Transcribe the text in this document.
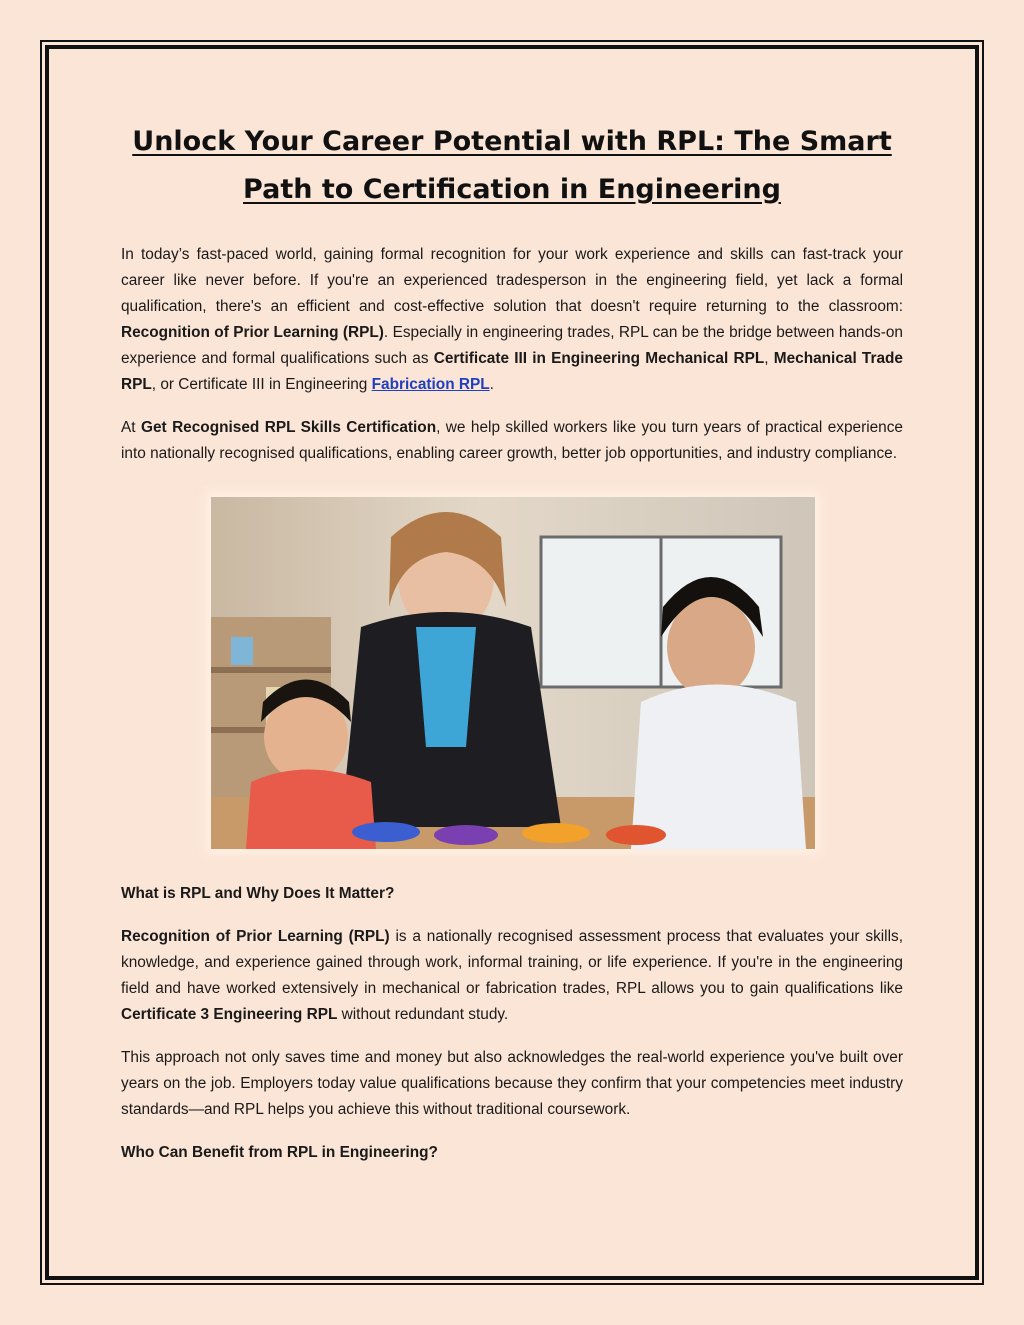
Unlock Your Career Potential with RPL: The Smart Path to Certification in Engineering

In today’s fast-paced world, gaining formal recognition for your work experience and skills can fast-track your career like never before. If you're an experienced tradesperson in the engineering field, yet lack a formal qualification, there's an efficient and cost-effective solution that doesn't require returning to the classroom: Recognition of Prior Learning (RPL). Especially in engineering trades, RPL can be the bridge between hands-on experience and formal qualifications such as Certificate III in Engineering Mechanical RPL, Mechanical Trade RPL, or Certificate III in Engineering Fabrication RPL.

At Get Recognised RPL Skills Certification, we help skilled workers like you turn years of practical experience into nationally recognised qualifications, enabling career growth, better job opportunities, and industry compliance.

What is RPL and Why Does It Matter?

Recognition of Prior Learning (RPL) is a nationally recognised assessment process that evaluates your skills, knowledge, and experience gained through work, informal training, or life experience. If you're in the engineering field and have worked extensively in mechanical or fabrication trades, RPL allows you to gain qualifications like Certificate 3 Engineering RPL without redundant study.

This approach not only saves time and money but also acknowledges the real-world experience you've built over years on the job. Employers today value qualifications because they confirm that your competencies meet industry standards—and RPL helps you achieve this without traditional coursework.

Who Can Benefit from RPL in Engineering?
